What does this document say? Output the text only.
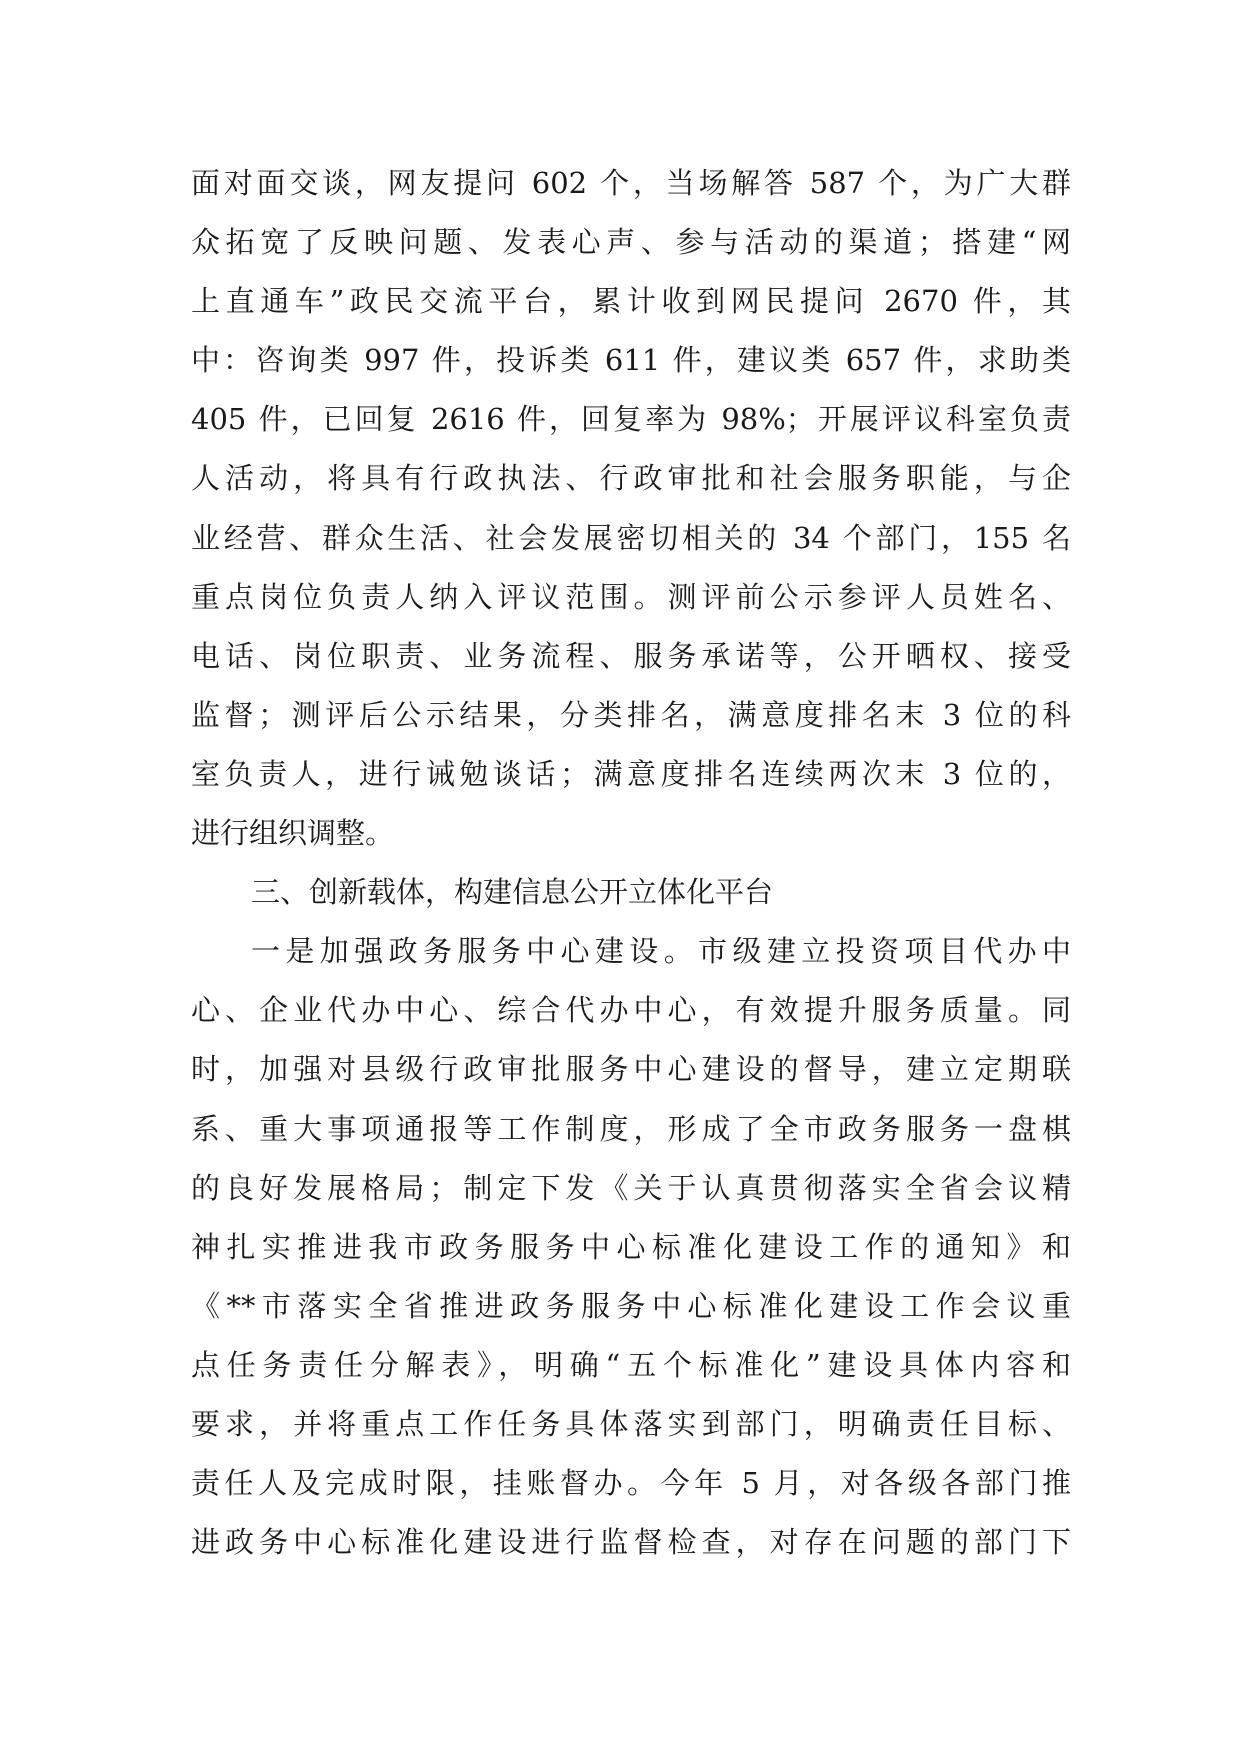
面对面交谈，网友提问 602 个，当场解答 587 个，为广大群
众拓宽了反映问题、发表心声、参与活动的渠道；搭建“网
上直通车”政民交流平台，累计收到网民提问 2670 件，其
中：咨询类 997 件，投诉类 611 件，建议类 657 件，求助类
405 件，已回复 2616 件，回复率为 98%；开展评议科室负责
人活动，将具有行政执法、行政审批和社会服务职能，与企
业经营、群众生活、社会发展密切相关的 34 个部门，155 名
重点岗位负责人纳入评议范围。测评前公示参评人员姓名、
电话、岗位职责、业务流程、服务承诺等，公开晒权、接受
监督；测评后公示结果，分类排名，满意度排名末 3 位的科
室负责人，进行诫勉谈话；满意度排名连续两次末 3 位的，
进行组织调整。
三、创新载体，构建信息公开立体化平台
一是加强政务服务中心建设。市级建立投资项目代办中
心、企业代办中心、综合代办中心，有效提升服务质量。同
时，加强对县级行政审批服务中心建设的督导，建立定期联
系、重大事项通报等工作制度，形成了全市政务服务一盘棋
的良好发展格局；制定下发《关于认真贯彻落实全省会议精
神扎实推进我市政务服务中心标准化建设工作的通知》和
《**市落实全省推进政务服务中心标准化建设工作会议重
点任务责任分解表》，明确“五个标准化”建设具体内容和
要求，并将重点工作任务具体落实到部门，明确责任目标、
责任人及完成时限，挂账督办。今年 5 月，对各级各部门推
进政务中心标准化建设进行监督检查，对存在问题的部门下
